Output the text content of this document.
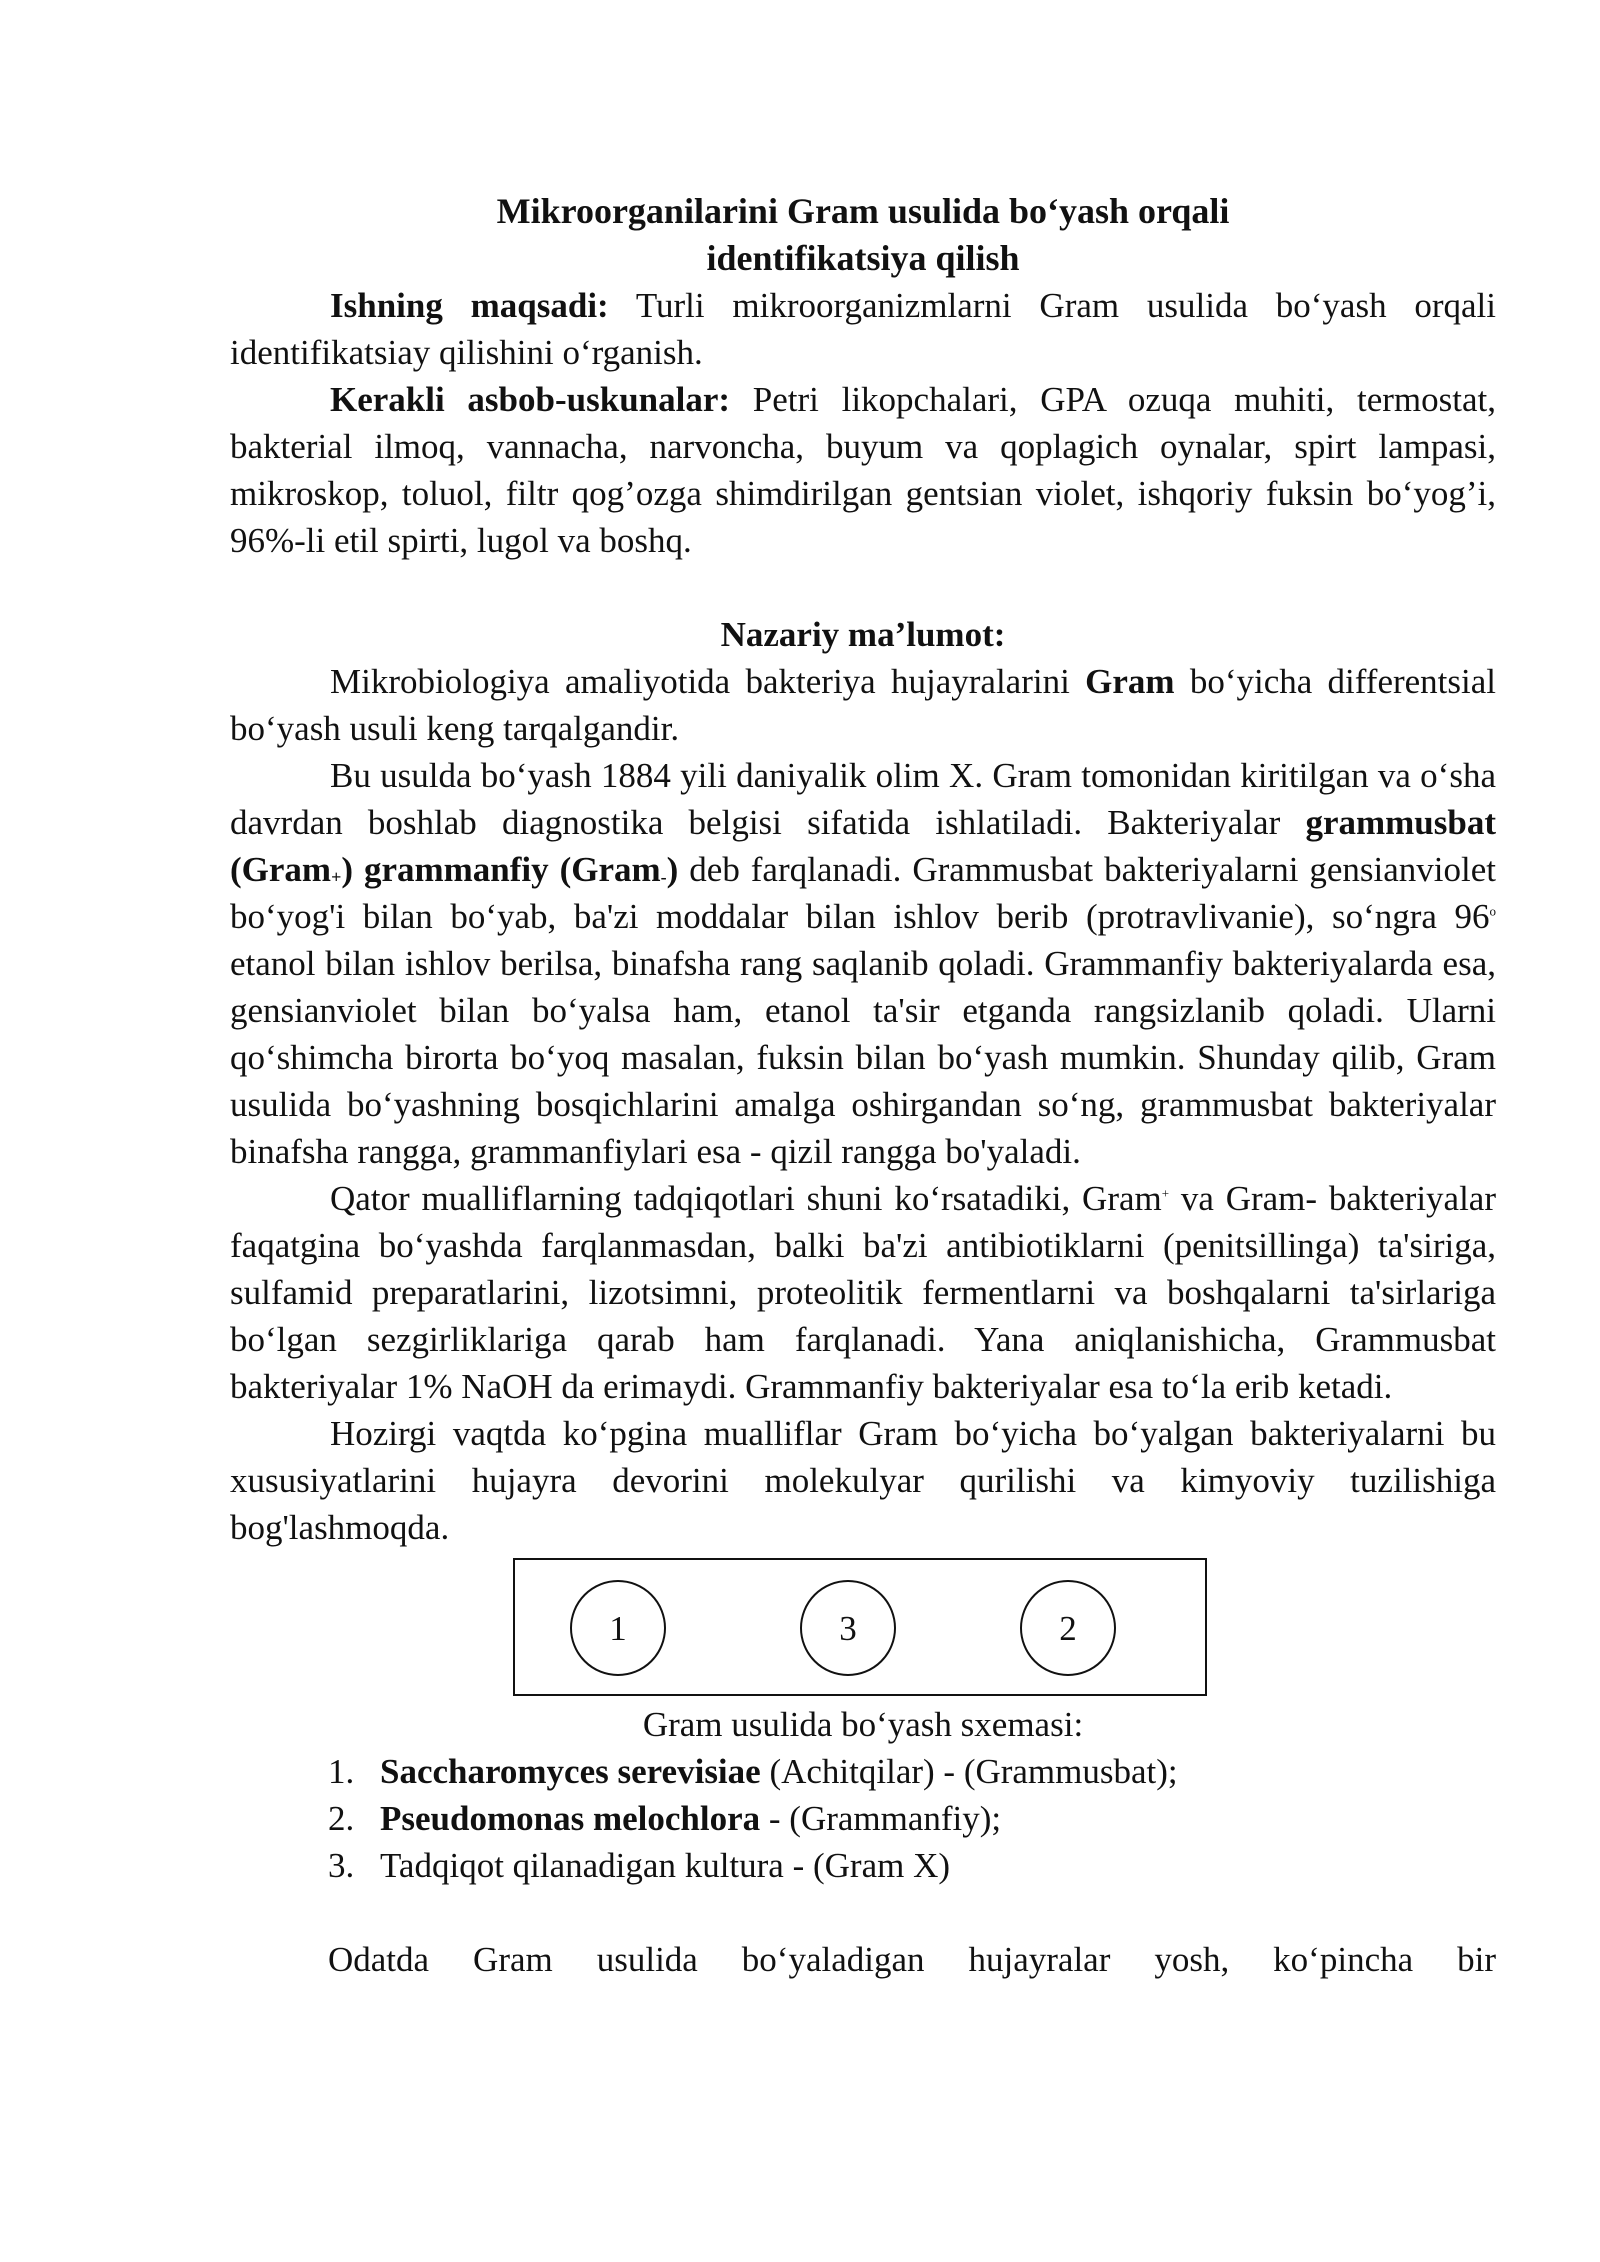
Mikroorganilarini Gram usulida bo‘yash orqali
identifikatsiya qilish

Ishning maqsadi: Turli mikroorganizmlarni Gram usulida bo‘yash orqali identifikatsiay qilishini o‘rganish.

Kerakli asbob-uskunalar: Petri likopchalari, GPA ozuqa muhiti, termostat, bakterial ilmoq, vannacha, narvoncha, buyum va qoplagich oynalar, spirt lampasi, mikroskop, toluol, filtr qog’ozga shimdirilgan gentsian violet, ishqoriy fuksin bo‘yog’i, 96%-li etil spirti, lugol va boshq.

Nazariy ma’lumot:

Mikrobiologiya amaliyotida bakteriya hujayralarini Gram bo‘yicha differentsial bo‘yash usuli keng tarqalgandir.

Bu usulda bo‘yash 1884 yili daniyalik olim X. Gram tomonidan kiritilgan va o‘sha davrdan boshlab diagnostika belgisi sifatida ishlatiladi. Bakteriyalar grammusbat (Gram$_+$) grammanfiy (Gram$_-$) deb farqlanadi. Grammusbat bakteriyalarni gensianviolet bo‘yog'i bilan bo‘yab, ba'zi moddalar bilan ishlov berib (protravlivanie), so‘ngra 96$^o$ etanol bilan ishlov berilsa, binafsha rang saqlanib qoladi. Grammanfiy bakteriyalarda esa, gensianviolet bilan bo‘yalsa ham, etanol ta'sir etganda rangsizlanib qoladi. Ularni qo‘shimcha birorta bo‘yoq masalan, fuksin bilan bo‘yash mumkin. Shunday qilib, Gram usulida bo‘yashning bosqichlarini amalga oshirgandan so‘ng, grammusbat bakteriyalar binafsha rangga, grammanfiylari esa - qizil rangga bo'yaladi.

Qator mualliflarning tadqiqotlari shuni ko‘rsatadiki, Gram+ va Gram- bakteriyalar faqatgina bo‘yashda farqlanmasdan, balki ba'zi antibiotiklarni (penitsillinga) ta'siriga, sulfamid preparatlarini, lizotsimni, proteolitik fermentlarni va boshqalarni ta'sirlariga bo‘lgan sezgirliklariga qarab ham farqlanadi. Yana aniqlanishicha, Grammusbat bakteriyalar 1% NaOH da erimaydi. Grammanfiy bakteriyalar esa to‘la erib ketadi.

Hozirgi vaqtda ko‘pgina mualliflar Gram bo‘yicha bo‘yalgan bakteriyalarni bu xususiyatlarini hujayra devorini molekulyar qurilishi va kimyoviy tuzilishiga bog'lashmoqda.

1	3	2

Gram usulida bo‘yash sxemasi:

1. Saccharomyces serevisiae (Achitqilar) - (Grammusbat);
2. Pseudomonas melochlora - (Grammanfiy);
3. Tadqiqot qilanadigan kultura - (Gram X)

Odatda Gram usulida bo‘yaladigan hujayralar yosh, ko‘pincha bir
